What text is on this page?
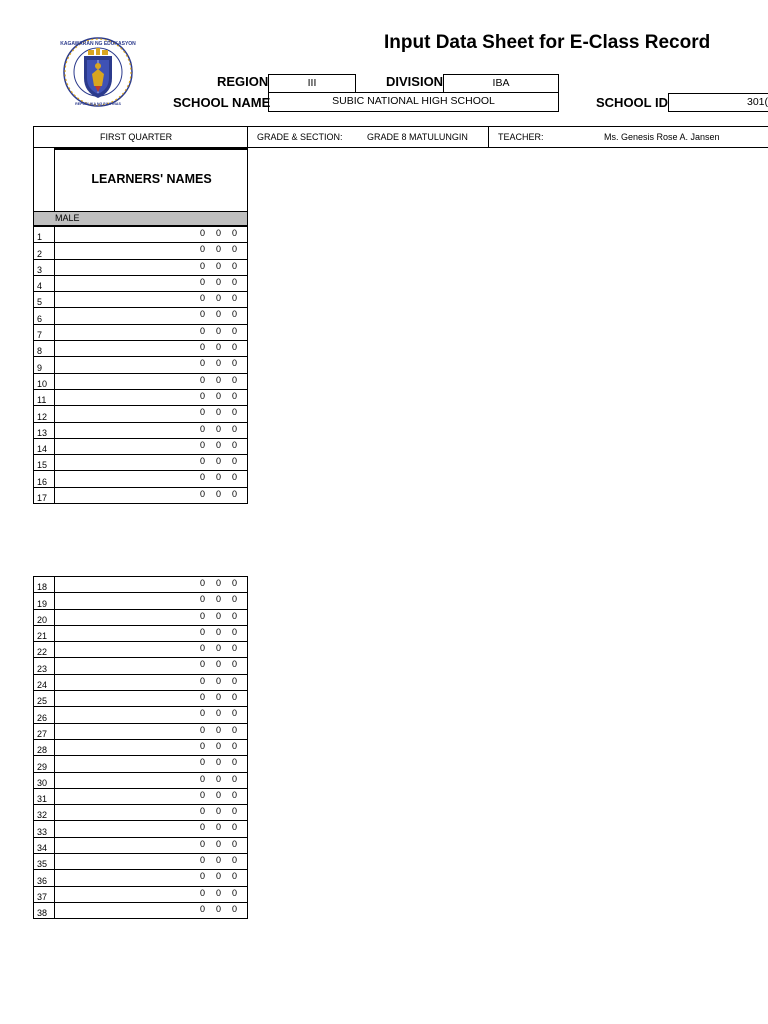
Input Data Sheet for E-Class Record
KAGAWARAN NG EDUKASYON
REPUBLIKA NG PILIPINAS
REGION	III	DIVISION	IBA
SCHOOL NAME	SUBIC NATIONAL HIGH SCHOOL	SCHOOL ID	301(
FIRST QUARTER	GRADE & SECTION:	GRADE 8 MATULUNGIN	TEACHER:	Ms. Genesis Rose A. Jansen
LEARNERS' NAMES
MALE
1	0 0 0
2	0 0 0
3	0 0 0
4	0 0 0
5	0 0 0
6	0 0 0
7	0 0 0
8	0 0 0
9	0 0 0
10	0 0 0
11	0 0 0
12	0 0 0
13	0 0 0
14	0 0 0
15	0 0 0
16	0 0 0
17	0 0 0
18	0 0 0
19	0 0 0
20	0 0 0
21	0 0 0
22	0 0 0
23	0 0 0
24	0 0 0
25	0 0 0
26	0 0 0
27	0 0 0
28	0 0 0
29	0 0 0
30	0 0 0
31	0 0 0
32	0 0 0
33	0 0 0
34	0 0 0
35	0 0 0
36	0 0 0
37	0 0 0
38	0 0 0
